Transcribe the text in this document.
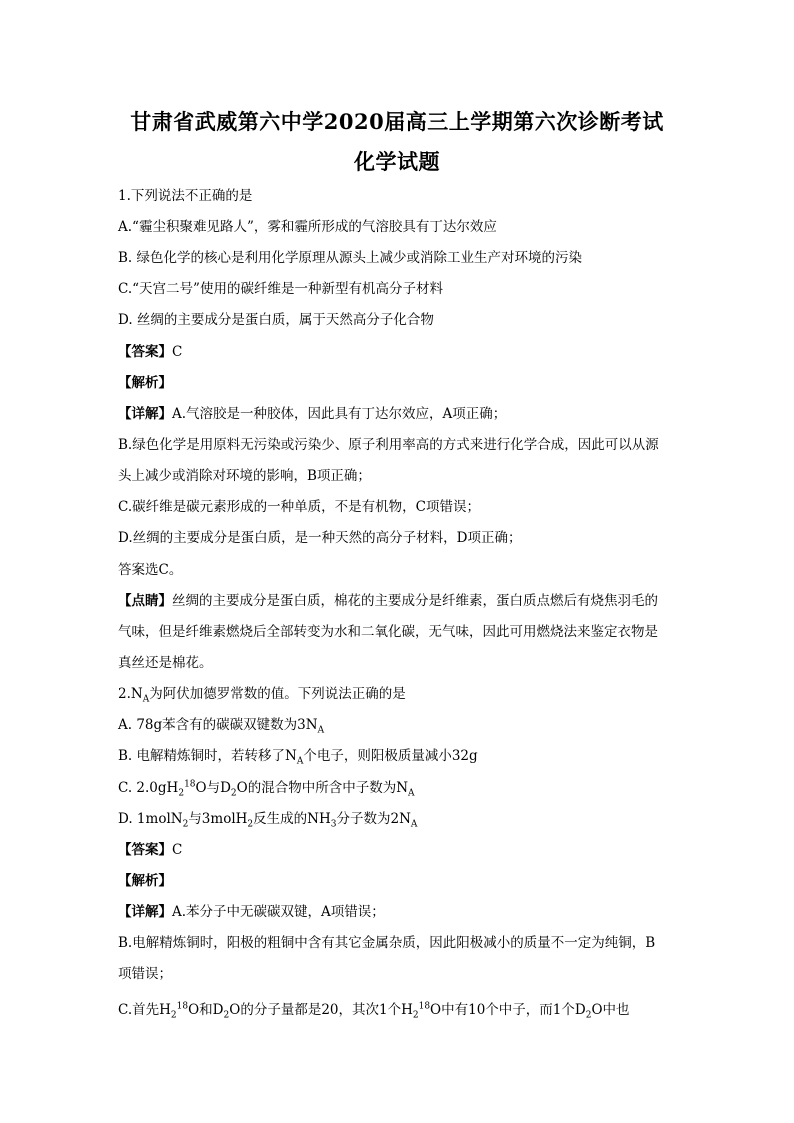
甘肃省武威第六中学2020届高三上学期第六次诊断考试
化学试题
1.下列说法不正确的是
A.“霾尘积聚难见路人”，雾和霾所形成的气溶胶具有丁达尔效应
B. 绿色化学的核心是利用化学原理从源头上减少或消除工业生产对环境的污染
C.“天宫二号”使用的碳纤维是一种新型有机高分子材料
D. 丝绸的主要成分是蛋白质，属于天然高分子化合物
【答案】C
【解析】
【详解】A.气溶胶是一种胶体，因此具有丁达尔效应，A项正确；
B.绿色化学是用原料无污染或污染少、原子利用率高的方式来进行化学合成，因此可以从源
头上减少或消除对环境的影响，B项正确；
C.碳纤维是碳元素形成的一种单质，不是有机物，C项错误；
D.丝绸的主要成分是蛋白质，是一种天然的高分子材料，D项正确；
答案选C。
【点睛】丝绸的主要成分是蛋白质，棉花的主要成分是纤维素，蛋白质点燃后有烧焦羽毛的
气味，但是纤维素燃烧后全部转变为水和二氧化碳，无气味，因此可用燃烧法来鉴定衣物是
真丝还是棉花。
$2.N_A$为阿伏加德罗常数的值。下列说法正确的是
A. 78g苯含有的碳碳双键数为$3N_A$
B. 电解精炼铜时，若转移了$N_A$个电子，则阳极质量减小32g
C. $2.0gH_2^{18}O$与$D_2O$的混合物中所含中子数为$N_A$
D. 1molN$_2$与3molH$_2$反生成的$NH_3$分子数为$2N_A$
【答案】C
【解析】
【详解】A.苯分子中无碳碳双键，A项错误；
B.电解精炼铜时，阳极的粗铜中含有其它金属杂质，因此阳极减小的质量不一定为纯铜，B
项错误；
C.首先$H_2^{18}O$和$D_2O$的分子量都是20，其次1个$H_2^{18}O$中有10个中子，而1个$D_2O$中也
